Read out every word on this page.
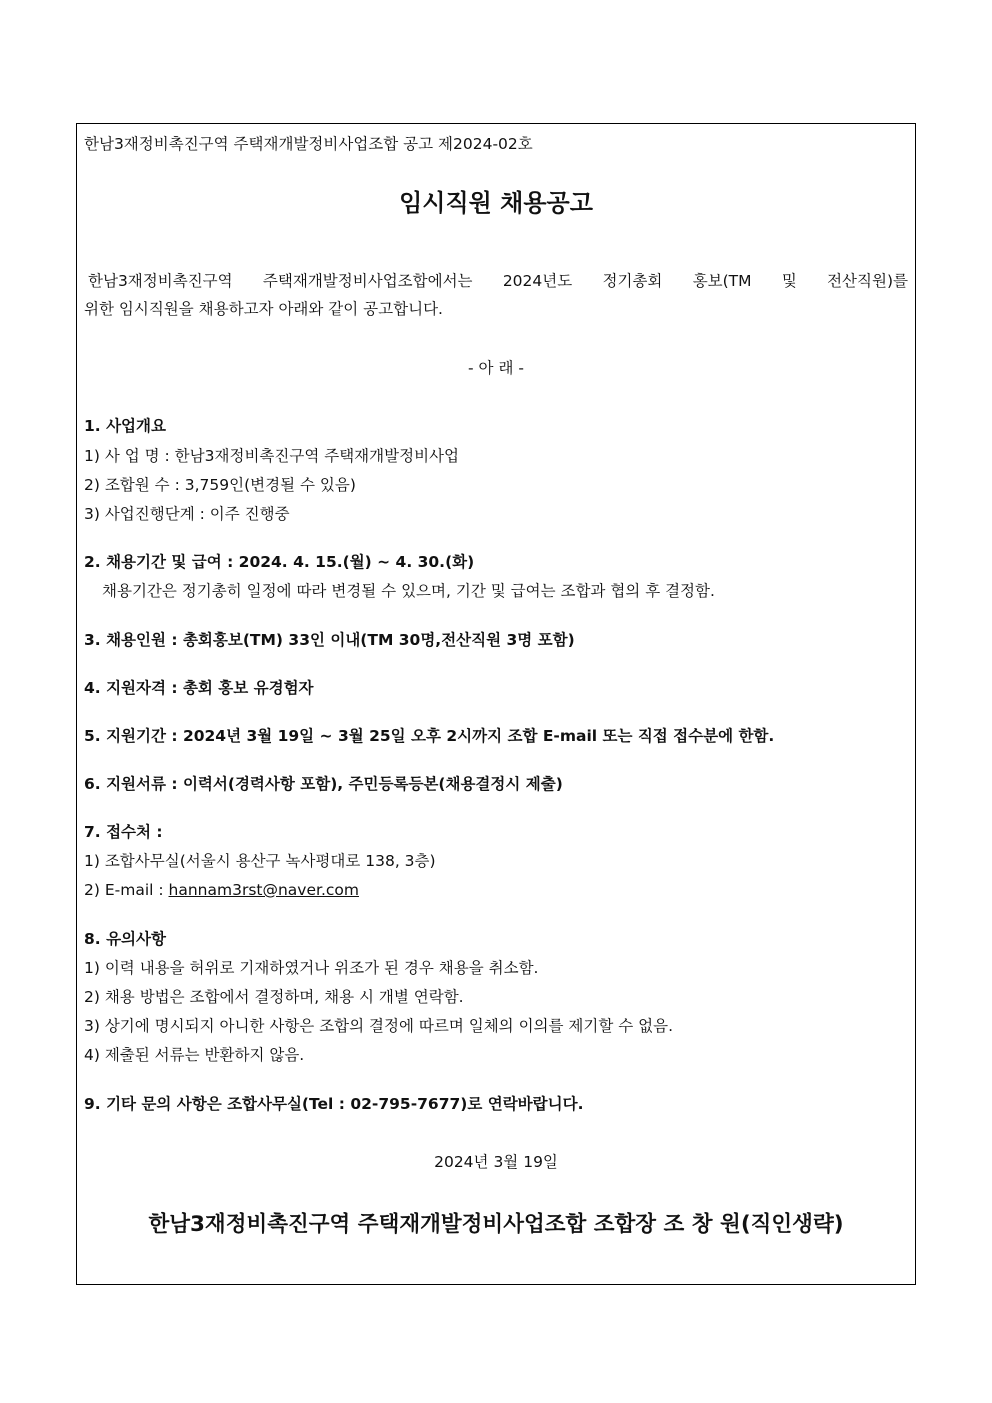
한남3재정비촉진구역 주택재개발정비사업조합 공고 제2024-02호
임시직원 채용공고
한남3재정비촉진구역 주택재개발정비사업조합에서는 2024년도 정기총회 홍보(TM 및 전산직원)를
위한 임시직원을 채용하고자 아래와 같이 공고합니다.
- 아 래 -
1. 사업개요
1) 사 업 명 : 한남3재정비촉진구역 주택재개발정비사업
2) 조합원 수 : 3,759인(변경될 수 있음)
3) 사업진행단계 : 이주 진행중
2. 채용기간 및 급여 : 2024. 4. 15.(월) ~ 4. 30.(화)
채용기간은 정기총히 일정에 따라 변경될 수 있으며, 기간 및 급여는 조합과 협의 후 결정함.
3. 채용인원 : 총회홍보(TM) 33인 이내(TM 30명,전산직원 3명 포함)
4. 지원자격 : 총회 홍보 유경험자
5. 지원기간 : 2024년 3월 19일 ~ 3월 25일 오후 2시까지 조합 E-mail 또는 직접 접수분에 한함.
6. 지원서류 : 이력서(경력사항 포함), 주민등록등본(채용결정시 제출)
7. 접수처 :
1) 조합사무실(서울시 용산구 녹사평대로 138, 3층)
2) E-mail : hannam3rst@naver.com
8. 유의사항
1) 이력 내용을 허위로 기재하였거나 위조가 된 경우 채용을 취소함.
2) 채용 방법은 조합에서 결정하며, 채용 시 개별 연락함.
3) 상기에 명시되지 아니한 사항은 조합의 결정에 따르며 일체의 이의를 제기할 수 없음.
4) 제출된 서류는 반환하지 않음.
9. 기타 문의 사항은 조합사무실(Tel : 02-795-7677)로 연락바랍니다.
2024년 3월 19일
한남3재정비촉진구역 주택재개발정비사업조합 조합장 조 창 원(직인생략)
